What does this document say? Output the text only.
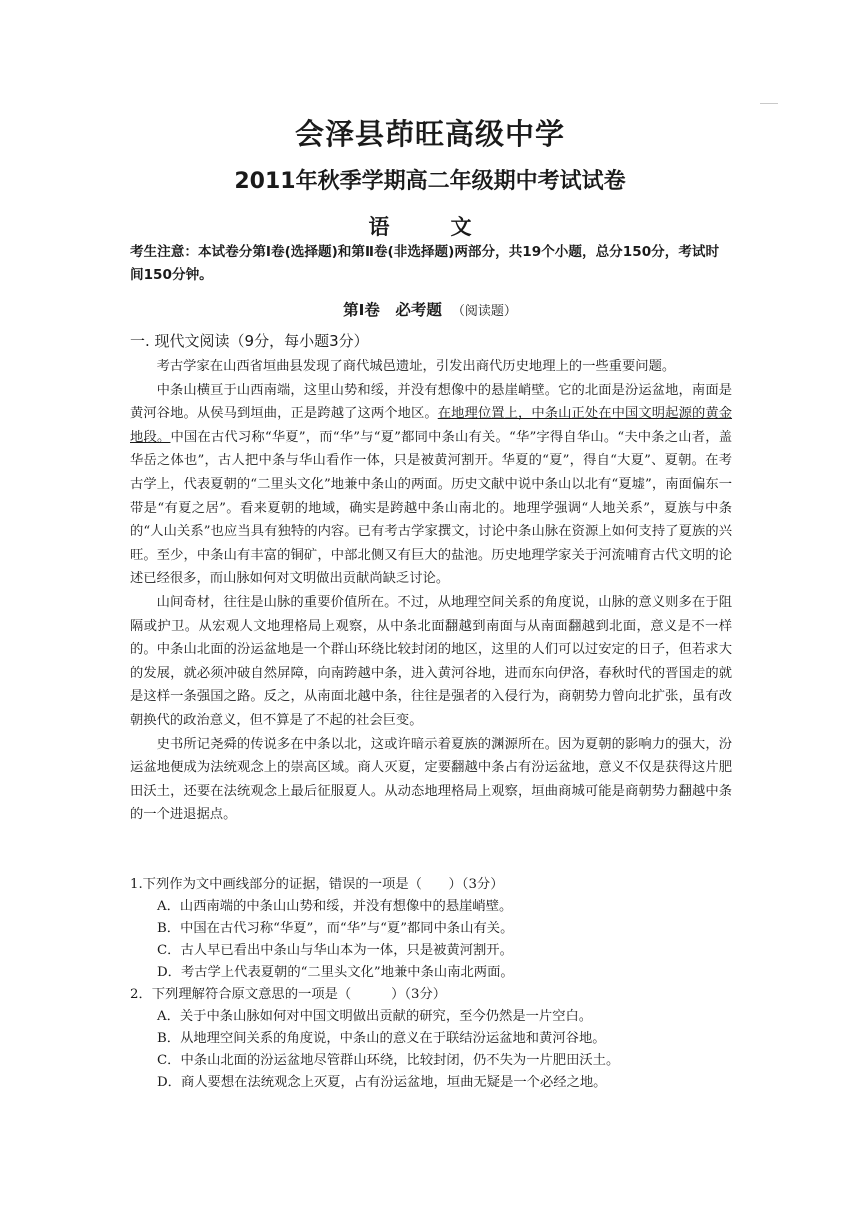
会泽县茚旺高级中学
2011年秋季学期高二年级期中考试试卷
语　文
考生注意：本试卷分第Ⅰ卷(选择题)和第Ⅱ卷(非选择题)两部分，共19个小题，总分150分，考试时间150分钟。
第Ⅰ卷　必考题 （阅读题）
一. 现代文阅读（9分，每小题3分）

考古学家在山西省垣曲县发现了商代城邑遗址，引发出商代历史地理上的一些重要问题。

中条山横亘于山西南端，这里山势和绥，并没有想像中的悬崖峭壁。它的北面是汾运盆地，南面是黄河谷地。从侯马到垣曲，正是跨越了这两个地区。在地理位置上，中条山正处在中国文明起源的黄金地段。中国在古代习称“华夏”，而“华”与“夏”都同中条山有关。“华”字得自华山。“夫中条之山者，盖华岳之体也”，古人把中条与华山看作一体，只是被黄河割开。华夏的“夏”，得自“大夏”、夏朝。在考古学上，代表夏朝的“二里头文化”地兼中条山的两面。历史文献中说中条山以北有“夏墟”，南面偏东一带是“有夏之居”。看来夏朝的地域，确实是跨越中条山南北的。地理学强调“人地关系”，夏族与中条的“人山关系”也应当具有独特的内容。已有考古学家撰文，讨论中条山脉在资源上如何支持了夏族的兴旺。至少，中条山有丰富的铜矿，中部北侧又有巨大的盐池。历史地理学家关于河流哺育古代文明的论述已经很多，而山脉如何对文明做出贡献尚缺乏讨论。

山间奇材，往往是山脉的重要价值所在。不过，从地理空间关系的角度说，山脉的意义则多在于阻隔或护卫。从宏观人文地理格局上观察，从中条北面翻越到南面与从南面翻越到北面，意义是不一样的。中条山北面的汾运盆地是一个群山环绕比较封闭的地区，这里的人们可以过安定的日子，但若求大的发展，就必须冲破自然屏障，向南跨越中条，进入黄河谷地，进而东向伊洛，春秋时代的晋国走的就是这样一条强国之路。反之，从南面北越中条，往往是强者的入侵行为，商朝势力曾向北扩张，虽有改朝换代的政治意义，但不算是了不起的社会巨变。

史书所记尧舜的传说多在中条以北，这或许暗示着夏族的渊源所在。因为夏朝的影响力的强大，汾运盆地便成为法统观念上的崇高区域。商人灭夏，定要翻越中条占有汾运盆地，意义不仅是获得这片肥田沃土，还要在法统观念上最后征服夏人。从动态地理格局上观察，垣曲商城可能是商朝势力翻越中条的一个进退据点。

1.下列作为文中画线部分的证据，错误的一项是（　　）（3分）

A．山西南端的中条山山势和绥，并没有想像中的悬崖峭壁。

B．中国在古代习称“华夏”，而“华”与“夏”都同中条山有关。

C．古人早已看出中条山与华山本为一体，只是被黄河割开。

D．考古学上代表夏朝的“二里头文化”地兼中条山南北两面。

2．下列理解符合原文意思的一项是（　　　）（3分）

A．关于中条山脉如何对中国文明做出贡献的研究，至今仍然是一片空白。

B．从地理空间关系的角度说，中条山的意义在于联结汾运盆地和黄河谷地。

C．中条山北面的汾运盆地尽管群山环绕，比较封闭，仍不失为一片肥田沃土。

D．商人要想在法统观念上灭夏，占有汾运盆地，垣曲无疑是一个必经之地。
